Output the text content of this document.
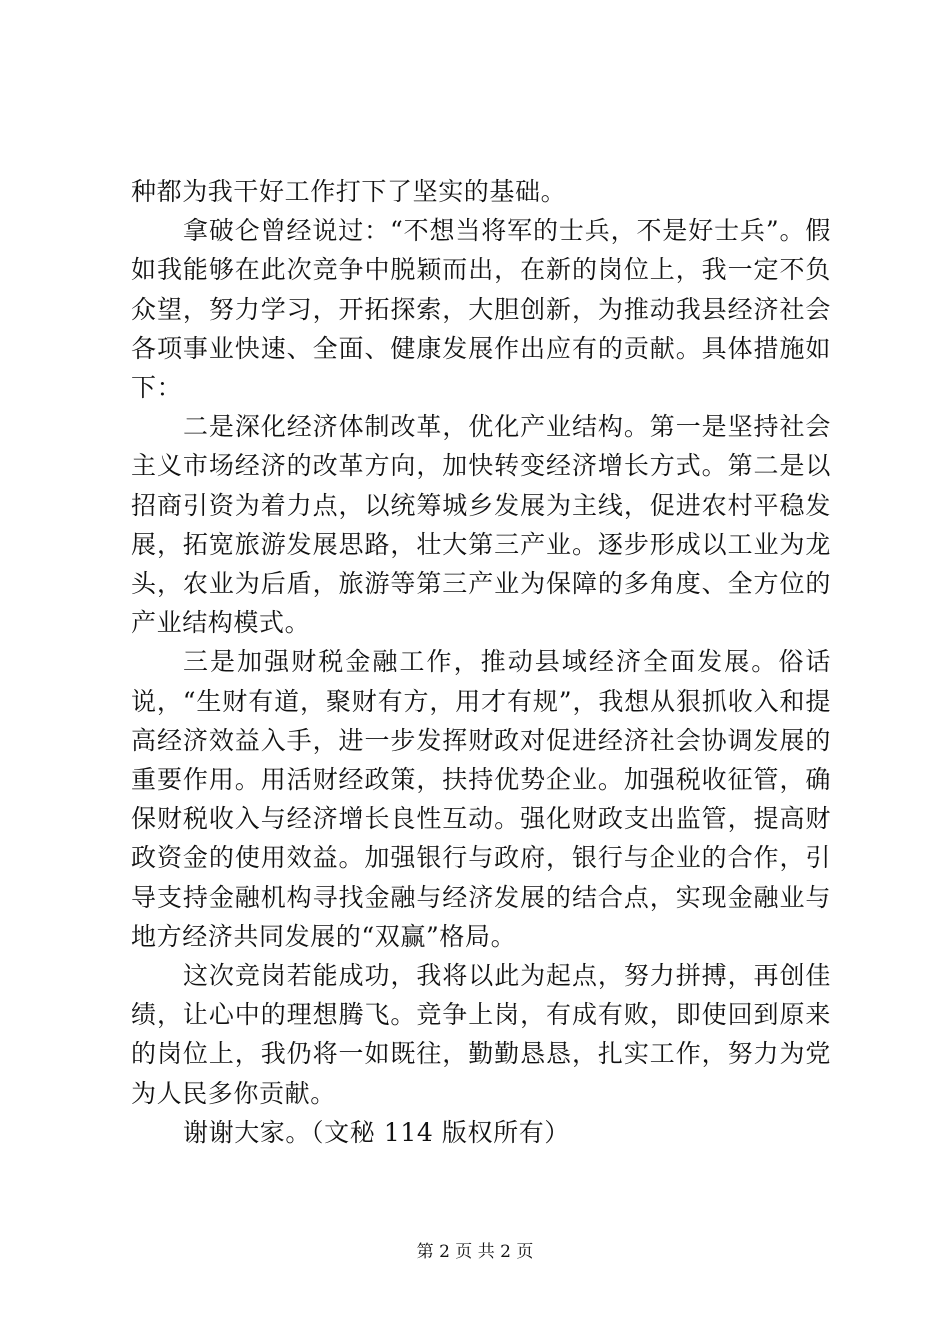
种都为我干好工作打下了坚实的基础。

拿破仑曾经说过：“不想当将军的士兵，不是好士兵”。假如我能够在此次竞争中脱颖而出，在新的岗位上，我一定不负众望，努力学习，开拓探索，大胆创新，为推动我县经济社会各项事业快速、全面、健康发展作出应有的贡献。具体措施如下：

二是深化经济体制改革，优化产业结构。第一是坚持社会主义市场经济的改革方向，加快转变经济增长方式。第二是以招商引资为着力点，以统筹城乡发展为主线，促进农村平稳发展，拓宽旅游发展思路，壮大第三产业。逐步形成以工业为龙头，农业为后盾，旅游等第三产业为保障的多角度、全方位的产业结构模式。

三是加强财税金融工作，推动县域经济全面发展。俗话说，“生财有道，聚财有方，用才有规”，我想从狠抓收入和提高经济效益入手，进一步发挥财政对促进经济社会协调发展的重要作用。用活财经政策，扶持优势企业。加强税收征管，确保财税收入与经济增长良性互动。强化财政支出监管，提高财政资金的使用效益。加强银行与政府，银行与企业的合作，引导支持金融机构寻找金融与经济发展的结合点，实现金融业与地方经济共同发展的“双赢”格局。

这次竞岗若能成功，我将以此为起点，努力拼搏，再创佳绩，让心中的理想腾飞。竞争上岗，有成有败，即使回到原来的岗位上，我仍将一如既往，勤勤恳恳，扎实工作，努力为党为人民多你贡献。

谢谢大家。（文秘 114 版权所有）

第 2 页 共 2 页
